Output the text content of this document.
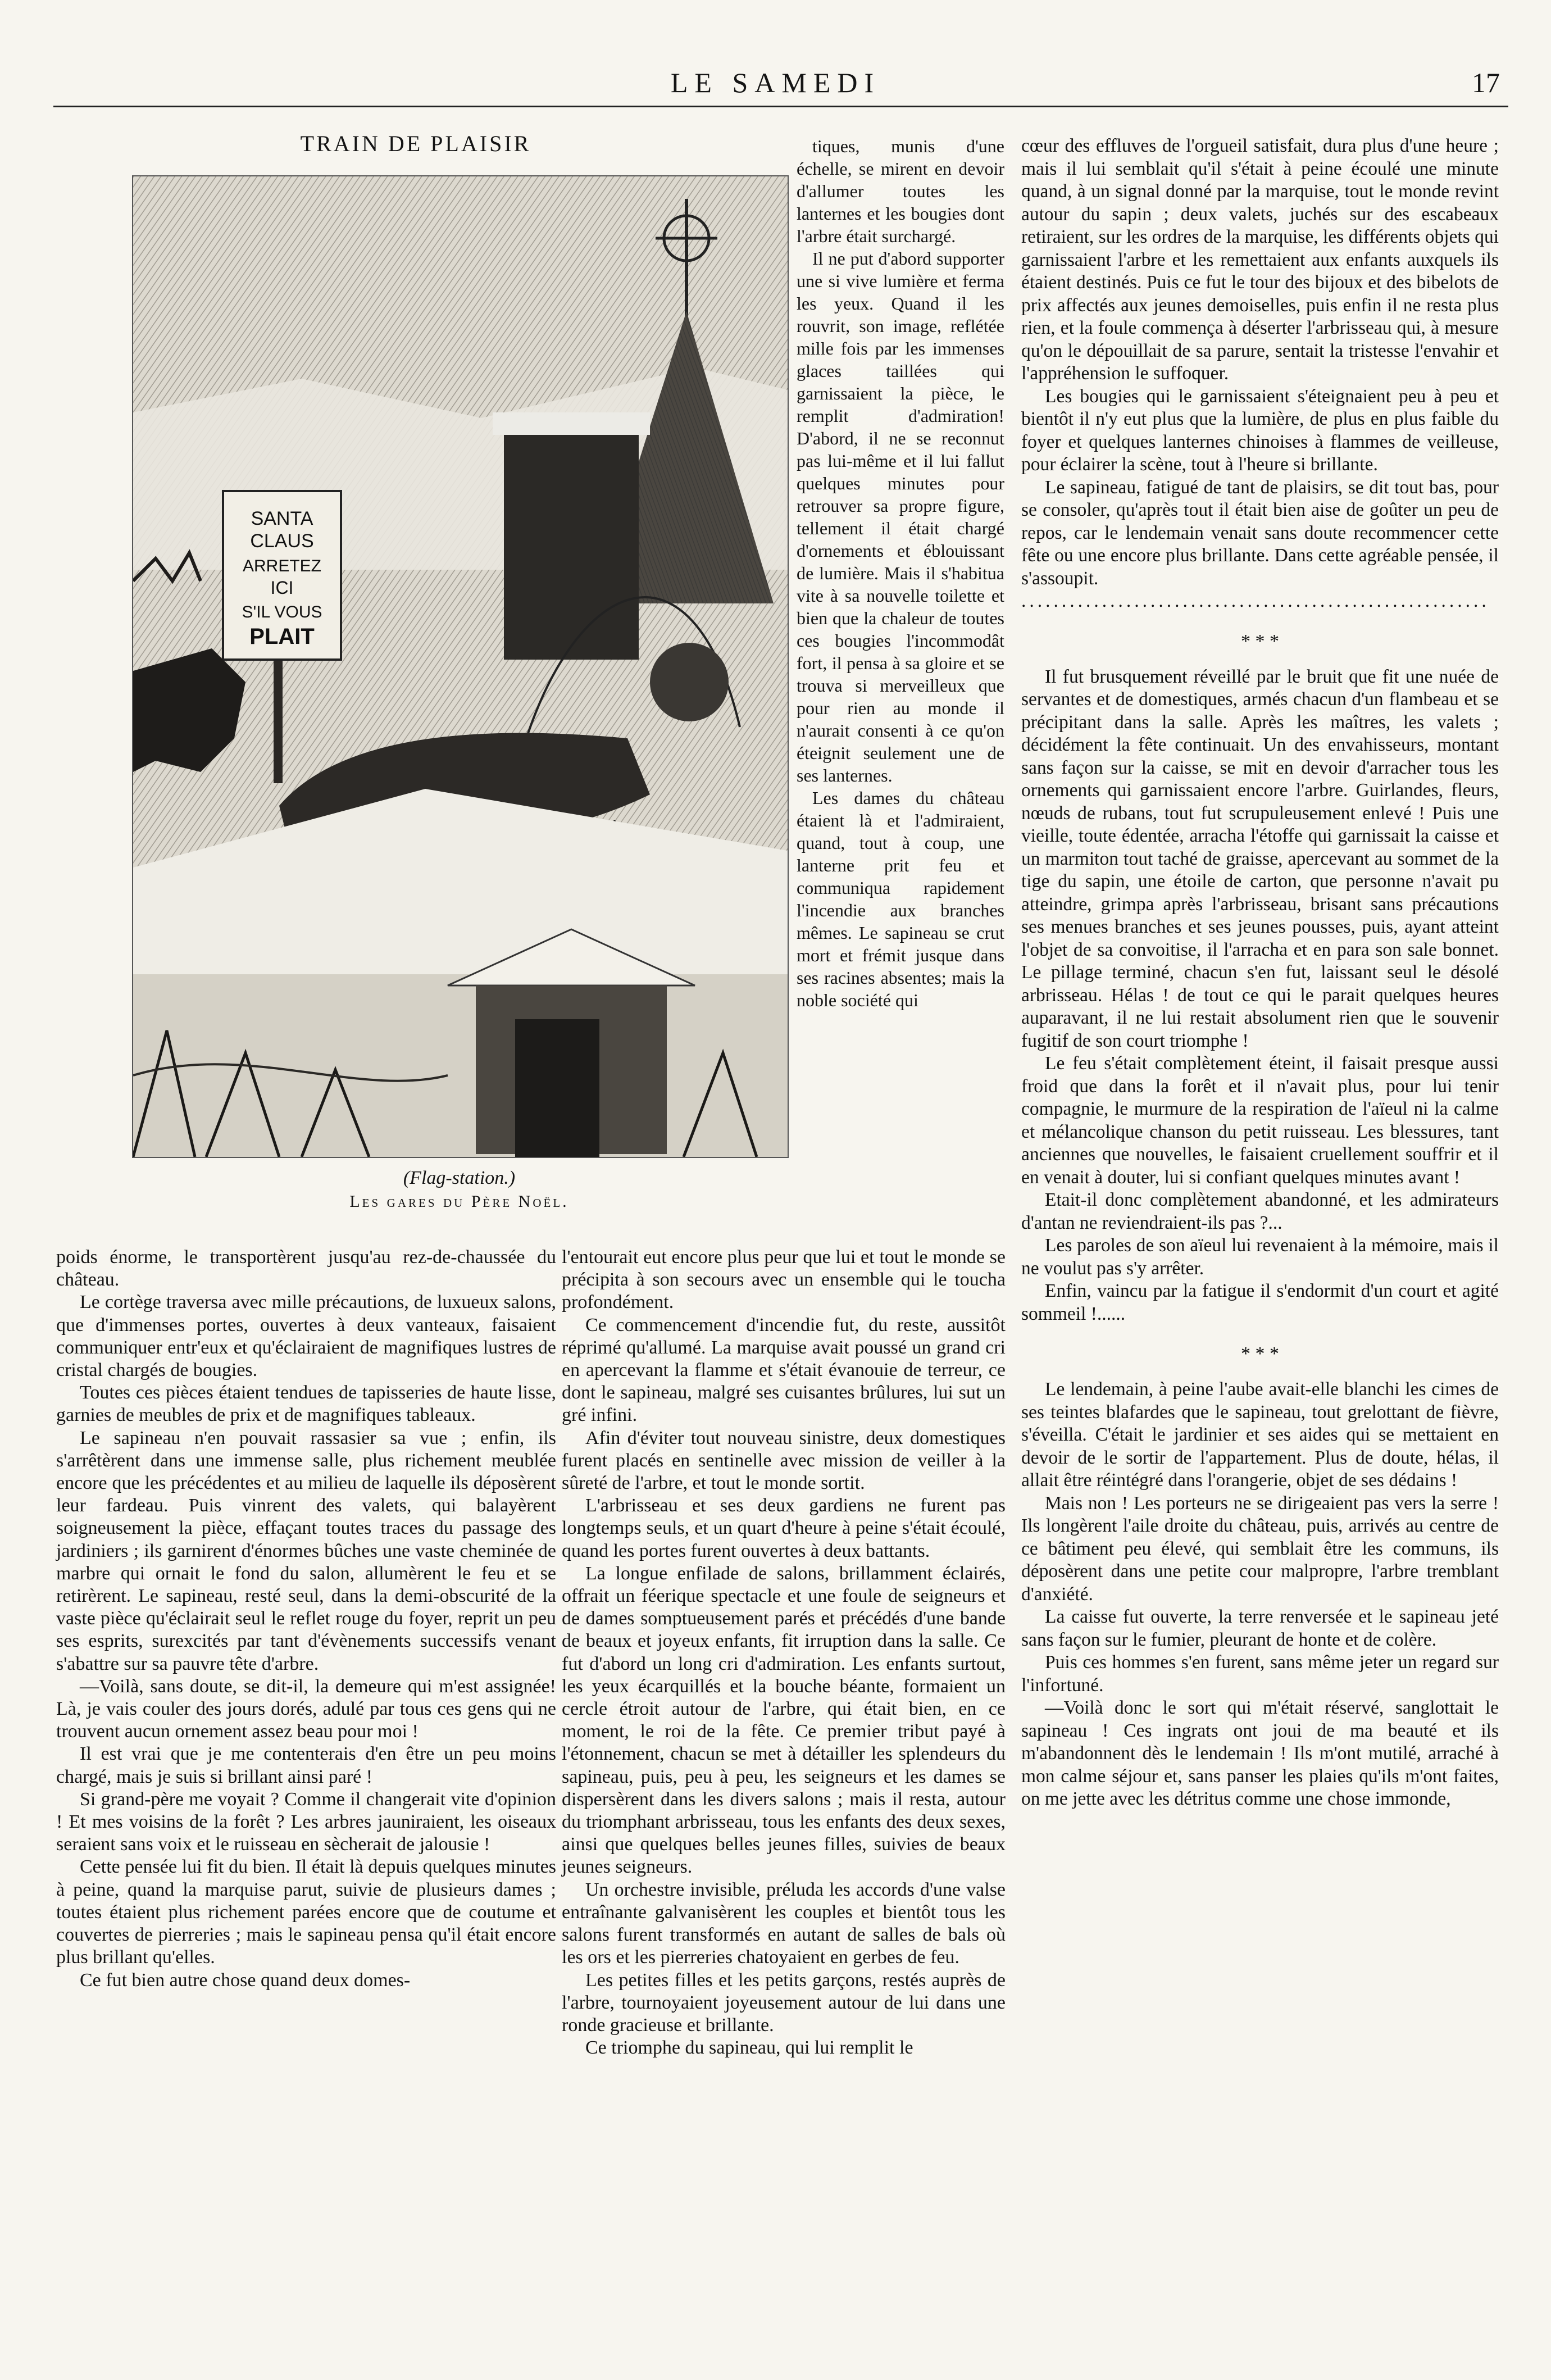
LE SAMEDI	17
TRAIN DE PLAISIR
SANTA
CLAUS
ARRETEZ
ICI
S'IL VOUS
PLAIT
(Flag-station.)
Les gares du Père Noël.

tiques, munis d'une échelle, se mirent en devoir d'allumer toutes les lanternes et les bougies dont l'arbre était surchargé.

Il ne put d'abord supporter une si vive lumière et ferma les yeux. Quand il les rouvrit, son image, reflétée mille fois par les immenses glaces taillées qui garnissaient la pièce, le remplit d'admiration! D'abord, il ne se reconnut pas lui-même et il lui fallut quelques minutes pour retrouver sa propre figure, tellement il était chargé d'ornements et éblouissant de lumière. Mais il s'habitua vite à sa nouvelle toilette et bien que la chaleur de toutes ces bougies l'incommodât fort, il pensa à sa gloire et se trouva si merveilleux que pour rien au monde il n'aurait consenti à ce qu'on éteignit seulement une de ses lanternes.

Les dames du château étaient là et l'admiraient, quand, tout à coup, une lanterne prit feu et communiqua rapidement l'incendie aux branches mêmes. Le sapineau se crut mort et frémit jusque dans ses racines absentes; mais la noble société qui

poids énorme, le transportèrent jusqu'au rez-de-chaussée du château.

Le cortège traversa avec mille précautions, de luxueux salons, que d'immenses portes, ouvertes à deux vanteaux, faisaient communiquer entr'eux et qu'éclairaient de magnifiques lustres de cristal chargés de bougies.

Toutes ces pièces étaient tendues de tapisseries de haute lisse, garnies de meubles de prix et de magnifiques tableaux.

Le sapineau n'en pouvait rassasier sa vue ; enfin, ils s'arrêtèrent dans une immense salle, plus richement meublée encore que les précédentes et au milieu de laquelle ils déposèrent leur fardeau. Puis vinrent des valets, qui balayèrent soigneusement la pièce, effaçant toutes traces du passage des jardiniers ; ils garnirent d'énormes bûches une vaste cheminée de marbre qui ornait le fond du salon, allumèrent le feu et se retirèrent. Le sapineau, resté seul, dans la demi-obscurité de la vaste pièce qu'éclairait seul le reflet rouge du foyer, reprit un peu ses esprits, surexcités par tant d'évènements successifs venant s'abattre sur sa pauvre tête d'arbre.

—Voilà, sans doute, se dit-il, la demeure qui m'est assignée! Là, je vais couler des jours dorés, adulé par tous ces gens qui ne trouvent aucun ornement assez beau pour moi !

Il est vrai que je me contenterais d'en être un peu moins chargé, mais je suis si brillant ainsi paré !

Si grand-père me voyait ? Comme il changerait vite d'opinion ! Et mes voisins de la forêt ? Les arbres jauniraient, les oiseaux seraient sans voix et le ruisseau en sècherait de jalousie !

Cette pensée lui fit du bien. Il était là depuis quelques minutes à peine, quand la marquise parut, suivie de plusieurs dames ; toutes étaient plus richement parées encore que de coutume et couvertes de pierreries ; mais le sapineau pensa qu'il était encore plus brillant qu'elles.

Ce fut bien autre chose quand deux domes-

l'entourait eut encore plus peur que lui et tout le monde se précipita à son secours avec un ensemble qui le toucha profondément.

Ce commencement d'incendie fut, du reste, aussitôt réprimé qu'allumé. La marquise avait poussé un grand cri en apercevant la flamme et s'était évanouie de terreur, ce dont le sapineau, malgré ses cuisantes brûlures, lui sut un gré infini.

Afin d'éviter tout nouveau sinistre, deux domestiques furent placés en sentinelle avec mission de veiller à la sûreté de l'arbre, et tout le monde sortit.

L'arbrisseau et ses deux gardiens ne furent pas longtemps seuls, et un quart d'heure à peine s'était écoulé, quand les portes furent ouvertes à deux battants.

La longue enfilade de salons, brillamment éclairés, offrait un féerique spectacle et une foule de seigneurs et de dames somptueusement parés et précédés d'une bande de beaux et joyeux enfants, fit irruption dans la salle. Ce fut d'abord un long cri d'admiration. Les enfants surtout, les yeux écarquillés et la bouche béante, formaient un cercle étroit autour de l'arbre, qui était bien, en ce moment, le roi de la fête. Ce premier tribut payé à l'étonnement, chacun se met à détailler les splendeurs du sapineau, puis, peu à peu, les seigneurs et les dames se dispersèrent dans les divers salons ; mais il resta, autour du triomphant arbrisseau, tous les enfants des deux sexes, ainsi que quelques belles jeunes filles, suivies de beaux jeunes seigneurs.

Un orchestre invisible, préluda les accords d'une valse entraînante galvanisèrent les couples et bientôt tous les salons furent transformés en autant de salles de bals où les ors et les pierreries chatoyaient en gerbes de feu.

Les petites filles et les petits garçons, restés auprès de l'arbre, tournoyaient joyeusement autour de lui dans une ronde gracieuse et brillante.

Ce triomphe du sapineau, qui lui remplit le

cœur des effluves de l'orgueil satisfait, dura plus d'une heure ; mais il lui semblait qu'il s'était à peine écoulé une minute quand, à un signal donné par la marquise, tout le monde revint autour du sapin ; deux valets, juchés sur des escabeaux retiraient, sur les ordres de la marquise, les différents objets qui garnissaient l'arbre et les remettaient aux enfants auxquels ils étaient destinés. Puis ce fut le tour des bijoux et des bibelots de prix affectés aux jeunes demoiselles, puis enfin il ne resta plus rien, et la foule commença à déserter l'arbrisseau qui, à mesure qu'on le dépouillait de sa parure, sentait la tristesse l'envahir et l'appréhension le suffoquer.

Les bougies qui le garnissaient s'éteignaient peu à peu et bientôt il n'y eut plus que la lumière, de plus en plus faible du foyer et quelques lanternes chinoises à flammes de veilleuse, pour éclairer la scène, tout à l'heure si brillante.

Le sapineau, fatigué de tant de plaisirs, se dit tout bas, pour se consoler, qu'après tout il était bien aise de goûter un peu de repos, car le lendemain venait sans doute recommencer cette fête ou une encore plus brillante. Dans cette agréable pensée, il s'assoupit.

..........................................................

* * *

Il fut brusquement réveillé par le bruit que fit une nuée de servantes et de domestiques, armés chacun d'un flambeau et se précipitant dans la salle. Après les maîtres, les valets ; décidément la fête continuait. Un des envahisseurs, montant sans façon sur la caisse, se mit en devoir d'arracher tous les ornements qui garnissaient encore l'arbre. Guirlandes, fleurs, nœuds de rubans, tout fut scrupuleusement enlevé ! Puis une vieille, toute édentée, arracha l'étoffe qui garnissait la caisse et un marmiton tout taché de graisse, apercevant au sommet de la tige du sapin, une étoile de carton, que personne n'avait pu atteindre, grimpa après l'arbrisseau, brisant sans précautions ses menues branches et ses jeunes pousses, puis, ayant atteint l'objet de sa convoitise, il l'arracha et en para son sale bonnet. Le pillage terminé, chacun s'en fut, laissant seul le désolé arbrisseau. Hélas ! de tout ce qui le parait quelques heures auparavant, il ne lui restait absolument rien que le souvenir fugitif de son court triomphe !

Le feu s'était complètement éteint, il faisait presque aussi froid que dans la forêt et il n'avait plus, pour lui tenir compagnie, le murmure de la respiration de l'aïeul ni la calme et mélancolique chanson du petit ruisseau. Les blessures, tant anciennes que nouvelles, le faisaient cruellement souffrir et il en venait à douter, lui si confiant quelques minutes avant !

Etait-il donc complètement abandonné, et les admirateurs d'antan ne reviendraient-ils pas ?...

Les paroles de son aïeul lui revenaient à la mémoire, mais il ne voulut pas s'y arrêter.

Enfin, vaincu par la fatigue il s'endormit d'un court et agité sommeil !......

* * *

Le lendemain, à peine l'aube avait-elle blanchi les cimes de ses teintes blafardes que le sapineau, tout grelottant de fièvre, s'éveilla. C'était le jardinier et ses aides qui se mettaient en devoir de le sortir de l'appartement. Plus de doute, hélas, il allait être réintégré dans l'orangerie, objet de ses dédains !

Mais non ! Les porteurs ne se dirigeaient pas vers la serre ! Ils longèrent l'aile droite du château, puis, arrivés au centre de ce bâtiment peu élevé, qui semblait être les communs, ils déposèrent dans une petite cour malpropre, l'arbre tremblant d'anxiété.

La caisse fut ouverte, la terre renversée et le sapineau jeté sans façon sur le fumier, pleurant de honte et de colère.

Puis ces hommes s'en furent, sans même jeter un regard sur l'infortuné.

—Voilà donc le sort qui m'était réservé, sanglottait le sapineau ! Ces ingrats ont joui de ma beauté et ils m'abandonnent dès le lendemain ! Ils m'ont mutilé, arraché à mon calme séjour et, sans panser les plaies qu'ils m'ont faites, on me jette avec les détritus comme une chose immonde,
